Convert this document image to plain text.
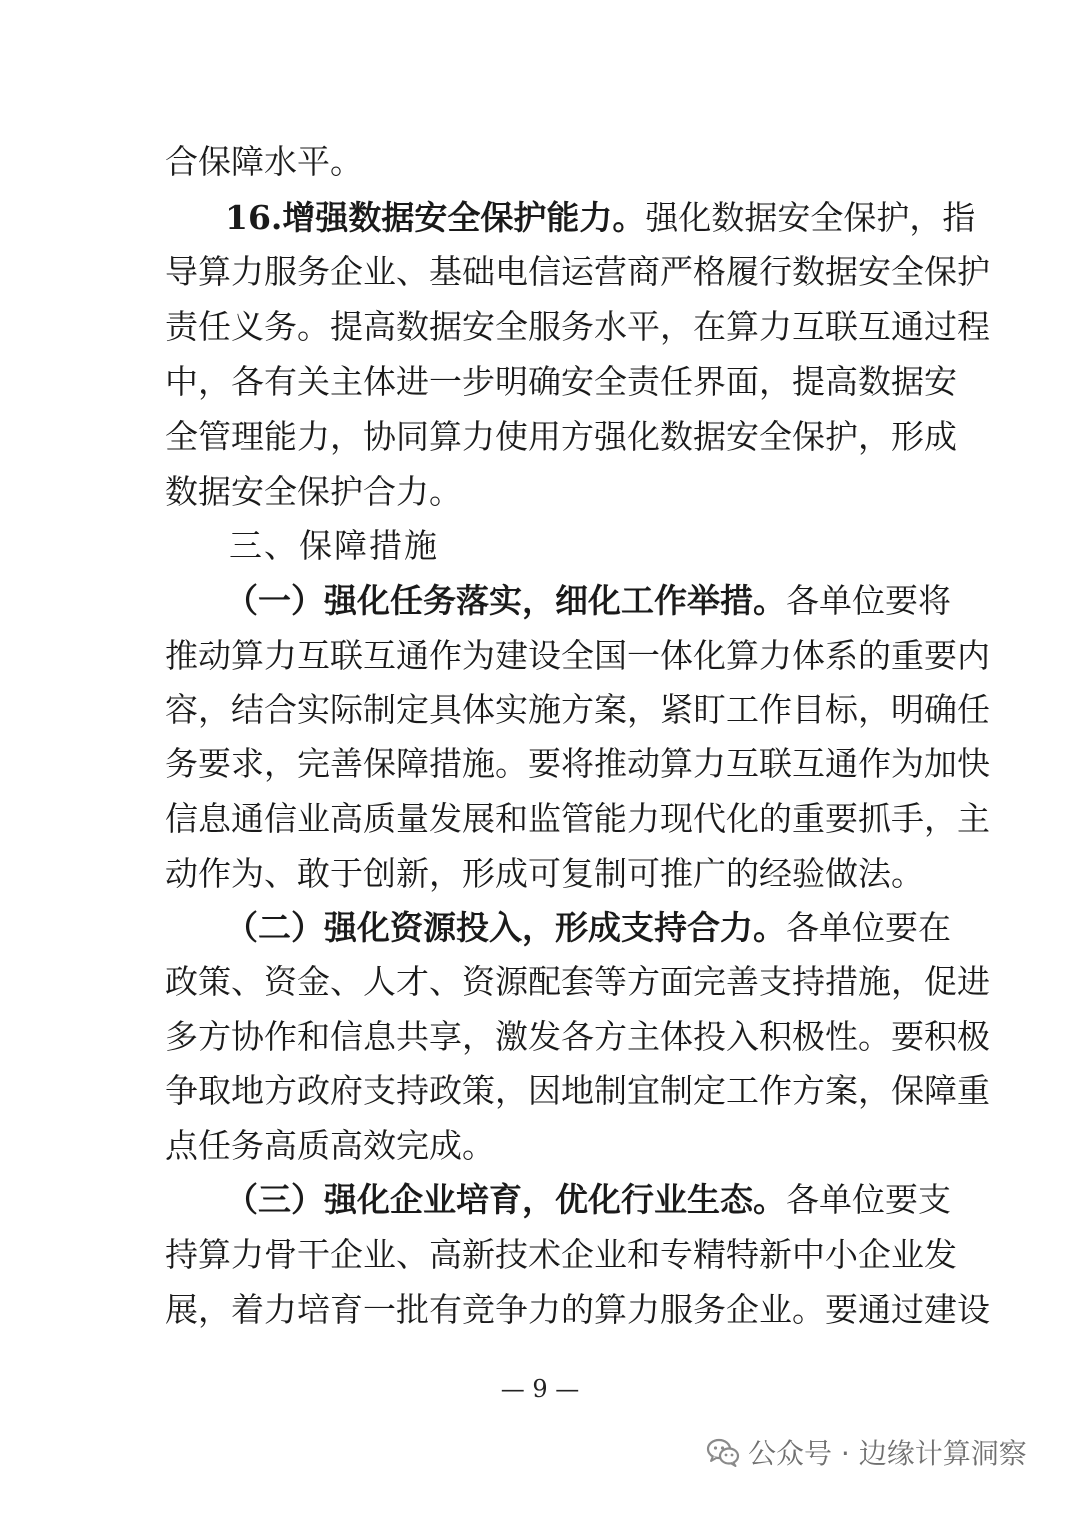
合保障水平。
16.增强数据安全保护能力。强化数据安全保护，指
导算力服务企业、基础电信运营商严格履行数据安全保护
责任义务。提高数据安全服务水平，在算力互联互通过程
中，各有关主体进一步明确安全责任界面，提高数据安
全管理能力，协同算力使用方强化数据安全保护，形成
数据安全保护合力。
三、保障措施
（一）强化任务落实，细化工作举措。各单位要将
推动算力互联互通作为建设全国一体化算力体系的重要内
容，结合实际制定具体实施方案，紧盯工作目标，明确任
务要求，完善保障措施。要将推动算力互联互通作为加快
信息通信业高质量发展和监管能力现代化的重要抓手，主
动作为、敢于创新，形成可复制可推广的经验做法。
（二）强化资源投入，形成支持合力。各单位要在
政策、资金、人才、资源配套等方面完善支持措施，促进
多方协作和信息共享，激发各方主体投入积极性。要积极
争取地方政府支持政策，因地制宜制定工作方案，保障重
点任务高质高效完成。
（三）强化企业培育，优化行业生态。各单位要支
持算力骨干企业、高新技术企业和专精特新中小企业发
展，着力培育一批有竞争力的算力服务企业。要通过建设
— 9 —
公众号 · 边缘计算洞察
